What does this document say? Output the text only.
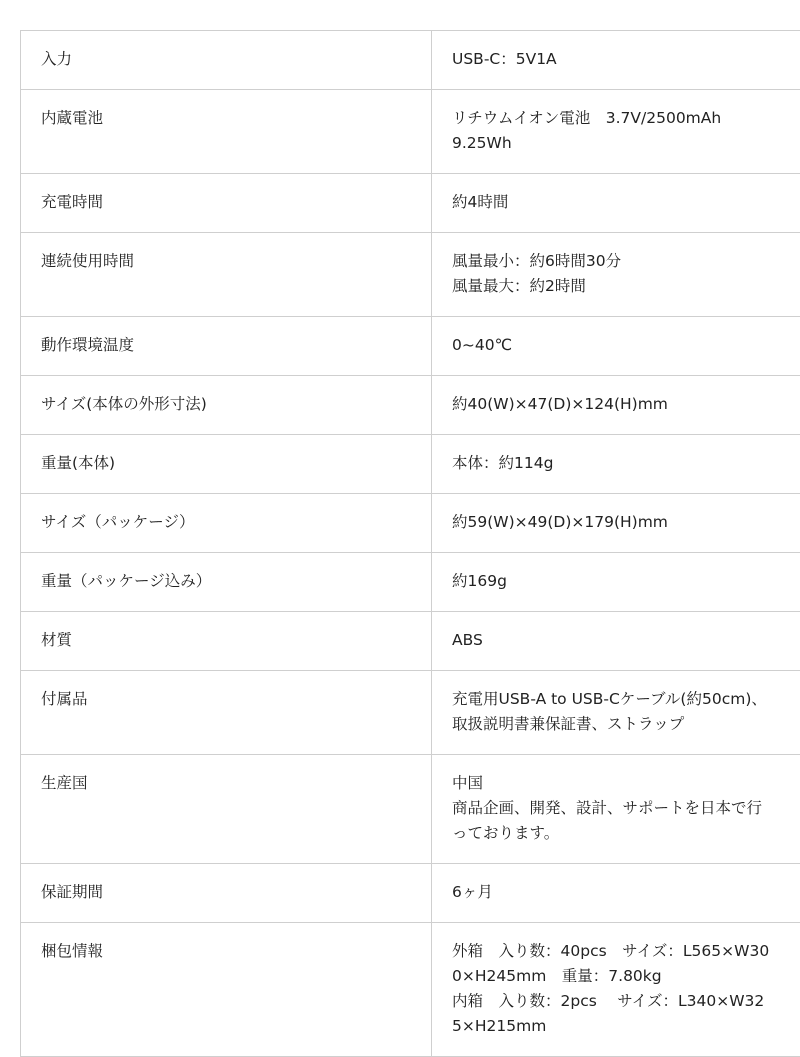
入力	USB-C：5V1A

内蔵電池	リチウムイオン電池　3.7V/2500mAh
9.25Wh

充電時間	約4時間

連続使用時間	風量最小：約6時間30分
風量最大：約2時間

動作環境温度	0~40℃

サイズ(本体の外形寸法)	約40(W)×47(D)×124(H)mm

重量(本体)	本体：約114g

サイズ（パッケージ）	約59(W)×49(D)×179(H)mm

重量（パッケージ込み）	約169g

材質	ABS

付属品	充電用USB-A to USB-Cケーブル(約50cm)、
取扱説明書兼保証書、ストラップ

生産国	中国
商品企画、開発、設計、サポートを日本で行
っております。

保証期間	6ヶ月

梱包情報	外箱　入り数：40pcs　サイズ：L565×W30
0×H245mm　重量：7.80kg
内箱　入り数：2pcs　 サイズ：L340×W32
5×H215mm
